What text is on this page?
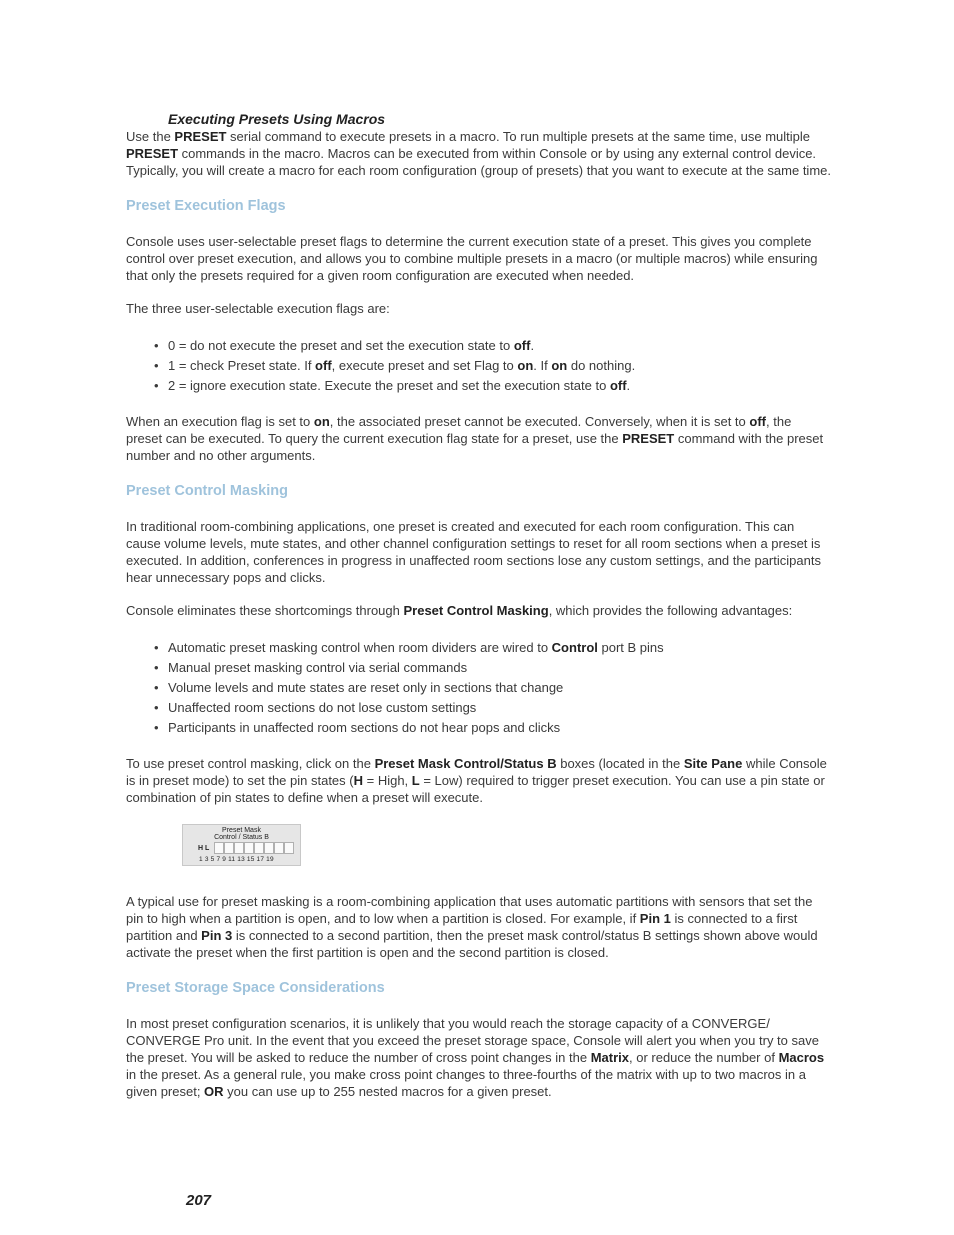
Executing Presets Using Macros

Use the PRESET serial command to execute presets in a macro. To run multiple presets at the same time, use multiple PRESET commands in the macro. Macros can be executed from within Console or by using any external control device. Typically, you will create a macro for each room configuration (group of presets) that you want to execute at the same time.

Preset Execution Flags

Console uses user-selectable preset flags to determine the current execution state of a preset. This gives you complete control over preset execution, and allows you to combine multiple presets in a macro (or multiple macros) while ensuring that only the presets required for a given room configuration are executed when needed.

The three user-selectable execution flags are:

• 0 = do not execute the preset and set the execution state to off.
• 1 = check Preset state. If off, execute preset and set Flag to on. If on do nothing.
• 2 = ignore execution state. Execute the preset and set the execution state to off.

When an execution flag is set to on, the associated preset cannot be executed. Conversely, when it is set to off, the preset can be executed. To query the current execution flag state for a preset, use the PRESET command with the preset number and no other arguments.

Preset Control Masking

In traditional room-combining applications, one preset is created and executed for each room configuration. This can cause volume levels, mute states, and other channel configuration settings to reset for all room sections when a preset is executed. In addition, conferences in progress in unaffected room sections lose any custom settings, and the participants hear unnecessary pops and clicks.

Console eliminates these shortcomings through Preset Control Masking, which provides the following advantages:

• Automatic preset masking control when room dividers are wired to Control port B pins
• Manual preset masking control via serial commands
• Volume levels and mute states are reset only in sections that change
• Unaffected room sections do not lose custom settings
• Participants in unaffected room sections do not hear pops and clicks

To use preset control masking, click on the Preset Mask Control/Status B boxes (located in the Site Pane while Console is in preset mode) to set the pin states (H = High, L = Low) required to trigger preset execution. You can use a pin state or combination of pin states to define when a preset will execute.

Preset Mask
Control / Status B
H L
1 3 5 7 9 11 13 15 17 19

A typical use for preset masking is a room-combining application that uses automatic partitions with sensors that set the pin to high when a partition is open, and to low when a partition is closed. For example, if Pin 1 is connected to a first partition and Pin 3 is connected to a second partition, then the preset mask control/status B settings shown above would activate the preset when the first partition is open and the second partition is closed.

Preset Storage Space Considerations

In most preset configuration scenarios, it is unlikely that you would reach the storage capacity of a CONVERGE/ CONVERGE Pro unit. In the event that you exceed the preset storage space, Console will alert you when you try to save the preset. You will be asked to reduce the number of cross point changes in the Matrix, or reduce the number of Macros in the preset. As a general rule, you make cross point changes to three-fourths of the matrix with up to two macros in a given preset; OR you can use up to 255 nested macros for a given preset.

207
